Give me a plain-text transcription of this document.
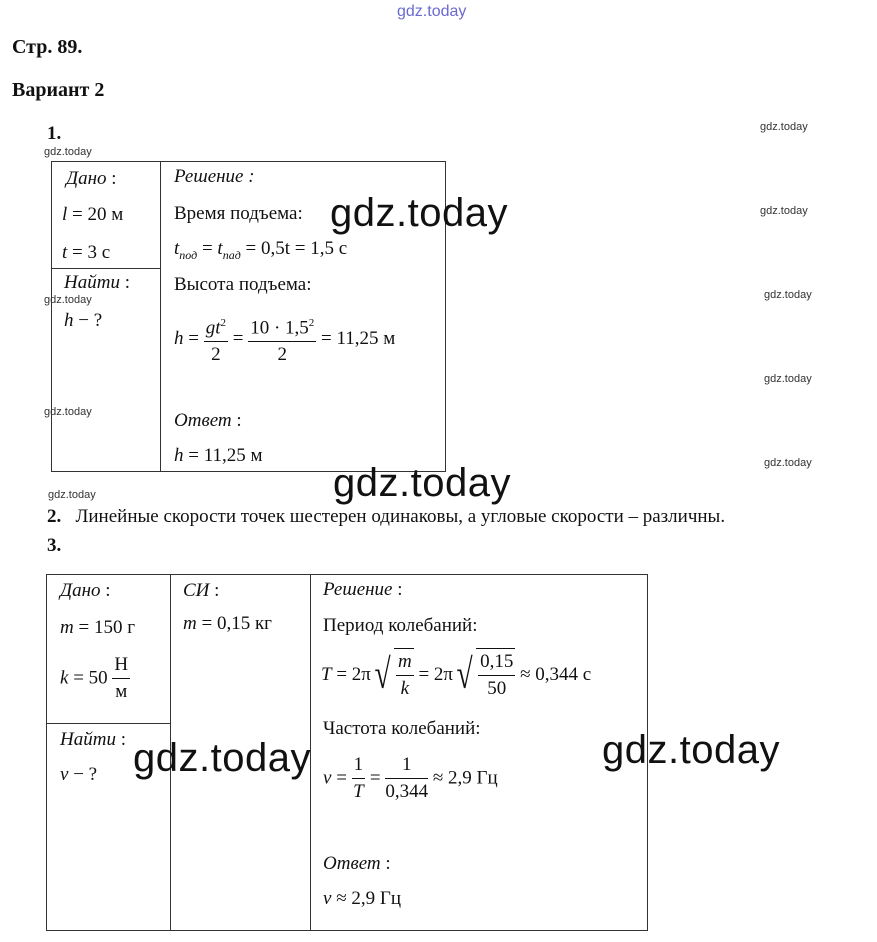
gdz.today
Стр. 89.
Вариант 2
1.
Дано :
l = 20 м
t = 3 с
Найти :
h − ?
Решение :
Время подъема:
$t_{под} = t_{пад} = 0,5t = 1,5$ с
Высота подъема:
$h = \frac{gt^2}{2} = \frac{10 \cdot 1,5^2}{2} = 11,25$ м
Ответ :
h = 11,25 м
2. Линейные скорости точек шестерен одинаковы, а угловые скорости – различны.
3.
Дано :
m = 150 г
$k = 50 \frac{Н}{м}$
Найти :
ν − ?
СИ :
m = 0,15 кг
Решение :
Период колебаний:
$T = 2\pi√ \frac{m}{k} = 2\pi√ \frac{0,15}{50} \approx 0,344$ с
Частота колебаний:
$\nu = \frac{1}{T} = \frac{1}{0,344} \approx 2,9$ Гц
Ответ :
ν ≈ 2,9 Гц
gdz.today
gdz.today
gdz.today
gdz.today
gdz.today
gdz.today
gdz.today
gdz.today
gdz.today
gdz.today
gdz.today
gdz.today	gdz.today
